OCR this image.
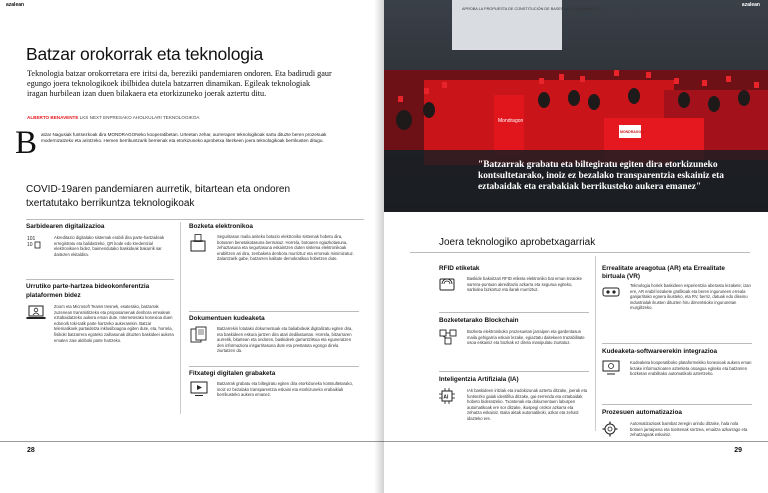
azalean
Batzar orokorrak eta teknologia

Teknologia batzar orokorretara ere iritsi da, bereziki pandemiaren ondoren. Eta badirudi gaur egungo joera teknologikoek ibilbidea dutela batzarren dinamikan. Egileak teknologiak iragan hurbilean izan duen bilakaera eta etorkizuneko joerak aztertu ditu.

ALBERTO BENAVENTE LKS NEXT ENPRESAKO AHOLKULARI TEKNOLOGIKOA
B atzar Nagusiak funtsezkoak dira MONDRAGONeko kooperatibetan. Urteetan zehar, aurrerapen teknologikoak sartu dituzte beren prozesuak modernizatzeko eta arintzeko. Hemen berrikuntzarik berrienak eta etorkizuneko aprobetxa litezkeen joera teknologikoak berrikusten ditugu.

COVID-19aren pandemiaren aurretik, bitartean eta ondoren txertatutako berrikuntza teknologikoak
Sarbidearen digitalizazioa
101
10

Akreditazio digitalako sistemak erabili dira parte-hartzaileak erregistratu eta balidatzeko, QR kode edo kredentzial elektronikoen bidez, baimendutako baskideak bakarrik sar daitezen ekitaldira.

Urrutiko parte-hartzea bideokonferentzia plataformen bidez

Zoom eta Microsoft Teams tresnek, esaterako, batzarrak zuzenean transmititzeko eta proposamenak denbora errealean eztabaidatzeko aukera eman dute. Interneterako konexioa duen edonork toki-tatik parte hartzeko aukerarekin. Batzar telematikoek partaidetza inklusiboagoa egiten dute, eta, horrela, fisikoki batzarrera egoteko zailtasunak dituzten baskideei aukera ematen zaie aktiboki parte hartzeko.

Bozketa elektronikoa

Seguritasun maila aniteko botazio elektroniko sistemak hobetu dira, botoaren benetakotasuna bermatuz. Horrela, botoaren egiazkotasuna, zehaztasuna eta segurtasuna eskaintzen duten sistema elektronikoak erabiltzen ari dira, zenbaketa denbora murriztuz eta erroreak minimizatuz. Zalantzarik gabe, batzarren kalitate demokratikoa hobetzen dute.

Dokumentuen kudeaketa

Batzarrekin lotutako dokumentuak eta baliabideak digitalizatu egiten dira, eta baskideen eskura jartzen dira atari dedikatuetan. Horrela, bitzarraren aurretik, bitartean eta ondoren, baskideek garrantzitsua eta eguneratzen den informaziora irisgarritasuna dute eta prestatuta egongo direla ziurtatzen da.

Fitxategi digitalen grabaketa

Batzarrak grabatu eta biltegiratu egiten dira etorkizuneko kontsultetarako, inoiz ez bezalako transparentzia eskaini eta etorkizuneko erabaikiak berrikusteko aukera emanez.

28
APROBA LA PROPUESTA DE CONSTITUCIÓN DE BASES DE ORDENAMIENTO
Mondragon
MONDRAGON
azalean

"Batzarrak grabatu eta biltegiratu egiten dira etorkizuneko kontsultetarako, inoiz ez bezalako transparentzia eskainiz eta eztabaidak eta erabakiak berrikusteko aukera emanez"

Joera teknologiko aprobetxagarriak
RFID etiketak

Baskide bakoitzari RFID etiketa elektroniko bat eman lezaioke sarrera-puntuan akreditazio azkarra eta segurua egiteko, sarbidea bizkortuz eta ilarak murriztuz.

Bozketetarako Blockchain

Bozketa elektronikoko prozesuetan jarraipen eta gardentasun maila gehigarria eskain lezake, egiaztatu daitekeen trazabilitate osoa eskainiz eta bozkak ez direla manipulatu ziurtatuz.

Inteligentzia Artifiziala (IA)
AI

IAk baskideen iritziak eta iradokizunak aztertu ditzake, joerak eta funtsezko gaiak identifika ditzake, gai-zerrenda eta eztabaidak hobeto bideratzeko. Txostenak eta dokumentuen laburpen automatikoak ere sor ditzake, ikuspegi orokor azkarra eta zehatza eskainiz. Baita aktak automatikoki, azkar eta zehatz idazteko ere.

Errealitate areagotua (AR) eta Errealitate birtuala (VR)

Teknologia horiek baskideen esperientzia aberastu lezakete; izan ere, AR erabil lezakete grafikoak eta beren inguruneen erreala ganjarritako egoera ikusteko, eta RV, berriz, datuak edo diseinu industrialak ikusten dituzten hiru dimentsioko ingurunetan murgiltzeko.

Kudeaketa-softwareerekin integrazioa

Kudeaketa kooperatiboko plataformekiko konexioak aukera eman lezake informazioaren azterketa osoagoa egiteko eta batzarren bozketan erabilitako automatikoki aztertzeko.

Prozesuen automatizazioa

Automatizazioak baimbat zeregin arindu ditzake, hala nola botoen jarraipena eta txostenak sortzea, emaitza azkarrago eta zehatzagoak eskainiz.

29
